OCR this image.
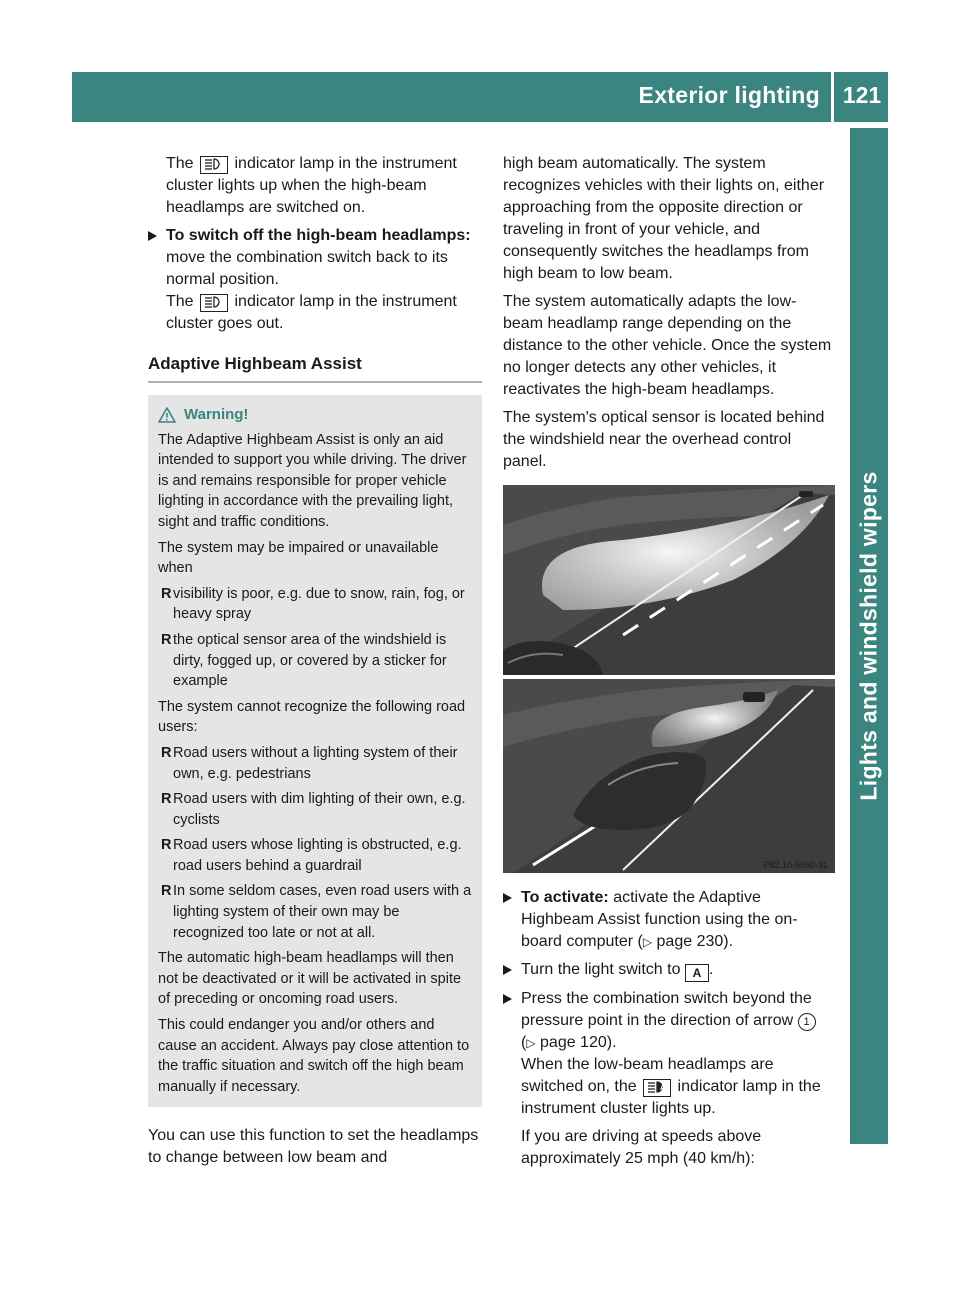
Exterior lighting 121
Lights and windshield wipers

The	indicator lamp in the instrument cluster lights up when the high-beam headlamps are switched on.

To switch off the high-beam headlamps: move the combination switch back to its normal position.
The	indicator lamp in the instrument cluster goes out.
Adaptive Highbeam Assist
Warning!

The Adaptive Highbeam Assist is only an aid intended to support you while driving. The driver is and remains responsible for proper vehicle lighting in accordance with the prevailing light, sight and traffic conditions.

The system may be impaired or unavailable when

R visibility is poor, e.g. due to snow, rain, fog, or heavy spray
R the optical sensor area of the windshield is dirty, fogged up, or covered by a sticker for example

The system cannot recognize the following road users:

R Road users without a lighting system of their own, e.g. pedestrians
R Road users with dim lighting of their own, e.g. cyclists
R Road users whose lighting is obstructed, e.g. road users behind a guardrail
R In some seldom cases, even road users with a lighting system of their own may be recognized too late or not at all.

The automatic high-beam headlamps will then not be deactivated or it will be activated in spite of preceding or oncoming road users.

This could endanger you and/or others and cause an accident. Always pay close attention to the traffic situation and switch off the high beam manually if necessary.

You can use this function to set the headlamps to change between low beam and

high beam automatically. The system recognizes vehicles with their lights on, either approaching from the opposite direction or traveling in front of your vehicle, and consequently switches the headlamps from high beam to low beam.

The system automatically adapts the low-beam headlamp range depending on the distance to the other vehicle. Once the system no longer detects any other vehicles, it reactivates the high-beam headlamps.

The system's optical sensor is located behind the windshield near the overhead control panel.

P82.10-5960-31
To activate: activate the Adaptive Highbeam Assist function using the on-board computer (▷ page 230).
Turn the light switch to A .
Press the combination switch beyond the pressure point in the direction of arrow 1
(▷ page 120).
When the low-beam headlamps are switched on, the	A indicator lamp in the instrument cluster lights up.

If you are driving at speeds above approximately 25 mph (40 km/h):
